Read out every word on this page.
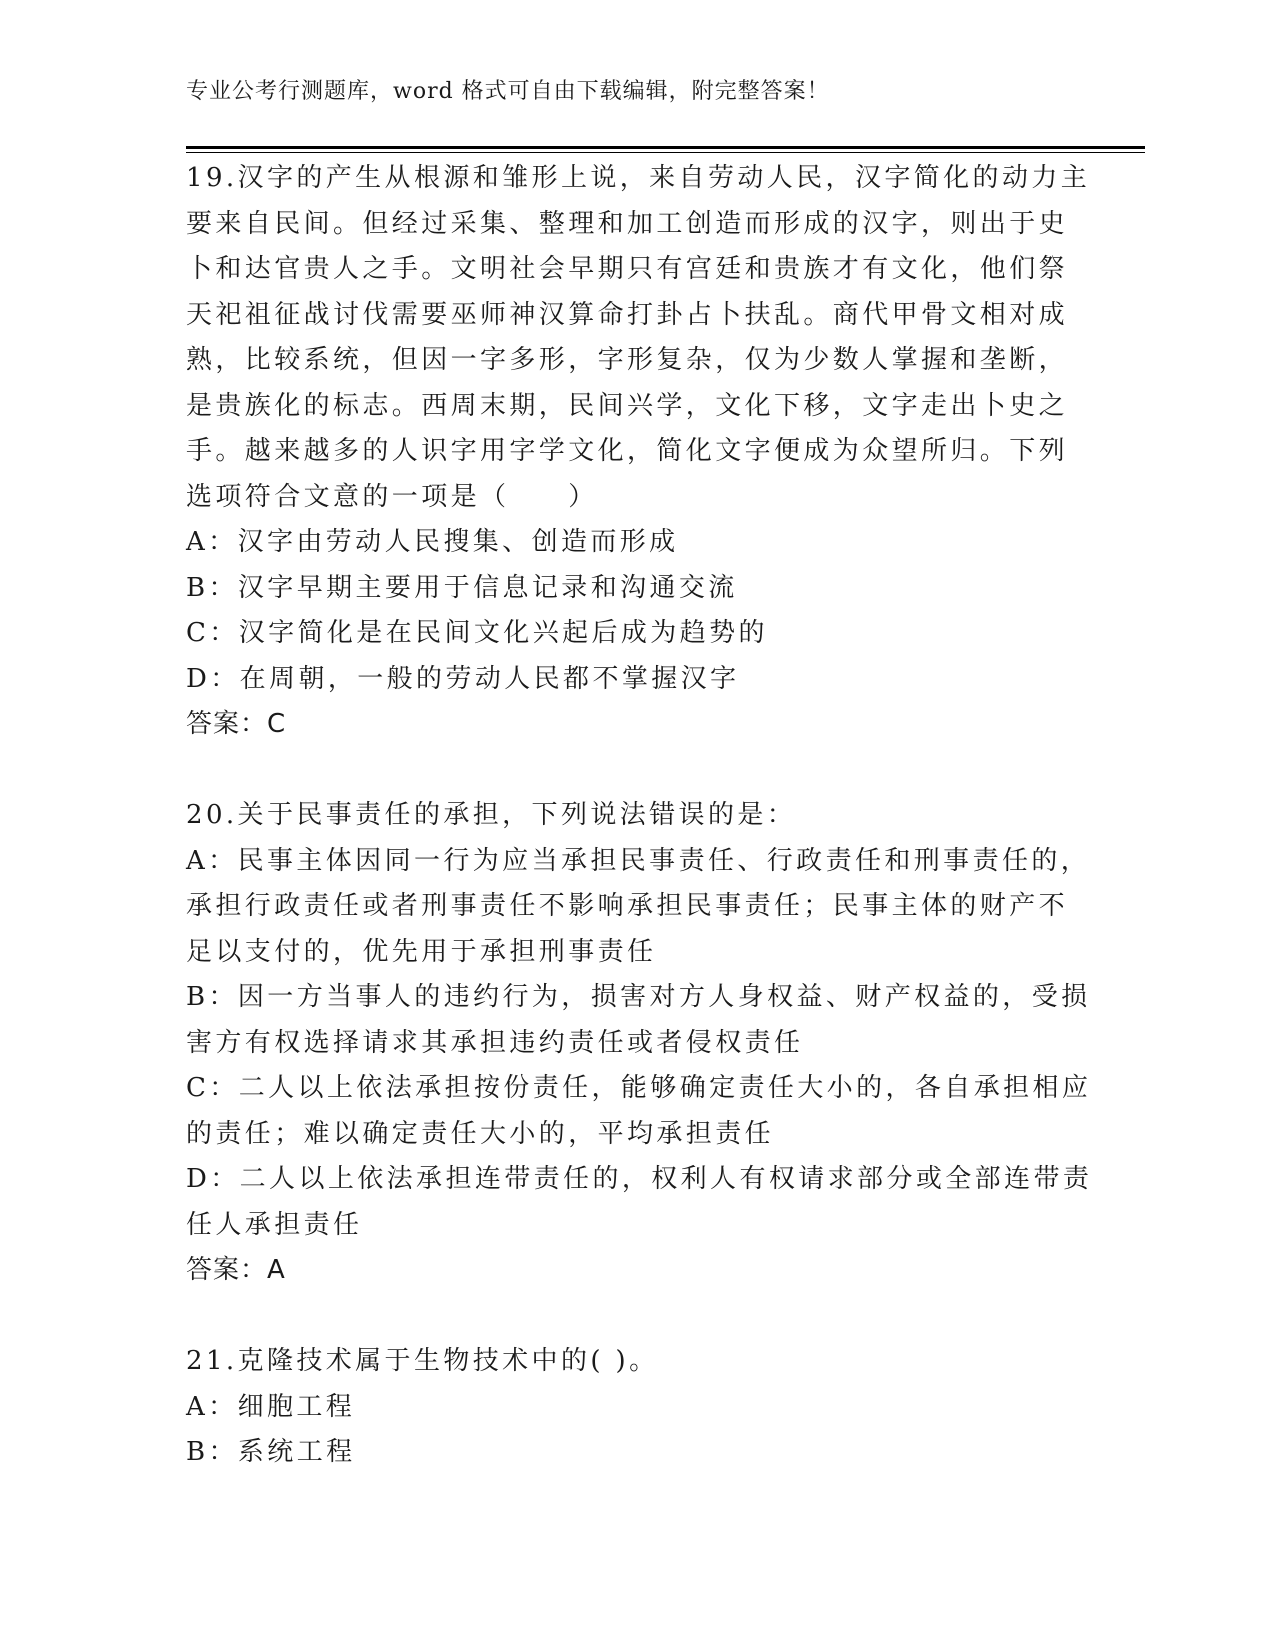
专业公考行测题库，word 格式可自由下载编辑，附完整答案！
19.汉字的产生从根源和雏形上说，来自劳动人民，汉字简化的动力主
要来自民间。但经过采集、整理和加工创造而形成的汉字，则出于史
卜和达官贵人之手。文明社会早期只有宫廷和贵族才有文化，他们祭
天祀祖征战讨伐需要巫师神汉算命打卦占卜扶乱。商代甲骨文相对成
熟，比较系统，但因一字多形，字形复杂，仅为少数人掌握和垄断，
是贵族化的标志。西周末期，民间兴学，文化下移，文字走出卜史之
手。越来越多的人识字用字学文化，简化文字便成为众望所归。下列
选项符合文意的一项是（　　）
A：汉字由劳动人民搜集、创造而形成
B：汉字早期主要用于信息记录和沟通交流
C：汉字简化是在民间文化兴起后成为趋势的
D：在周朝，一般的劳动人民都不掌握汉字
答案：C
20.关于民事责任的承担，下列说法错误的是：
A：民事主体因同一行为应当承担民事责任、行政责任和刑事责任的，
承担行政责任或者刑事责任不影响承担民事责任；民事主体的财产不
足以支付的，优先用于承担刑事责任
B：因一方当事人的违约行为，损害对方人身权益、财产权益的，受损
害方有权选择请求其承担违约责任或者侵权责任
C：二人以上依法承担按份责任，能够确定责任大小的，各自承担相应
的责任；难以确定责任大小的，平均承担责任
D：二人以上依法承担连带责任的，权利人有权请求部分或全部连带责
任人承担责任
答案：A
21.克隆技术属于生物技术中的( )。
A：细胞工程
B：系统工程
